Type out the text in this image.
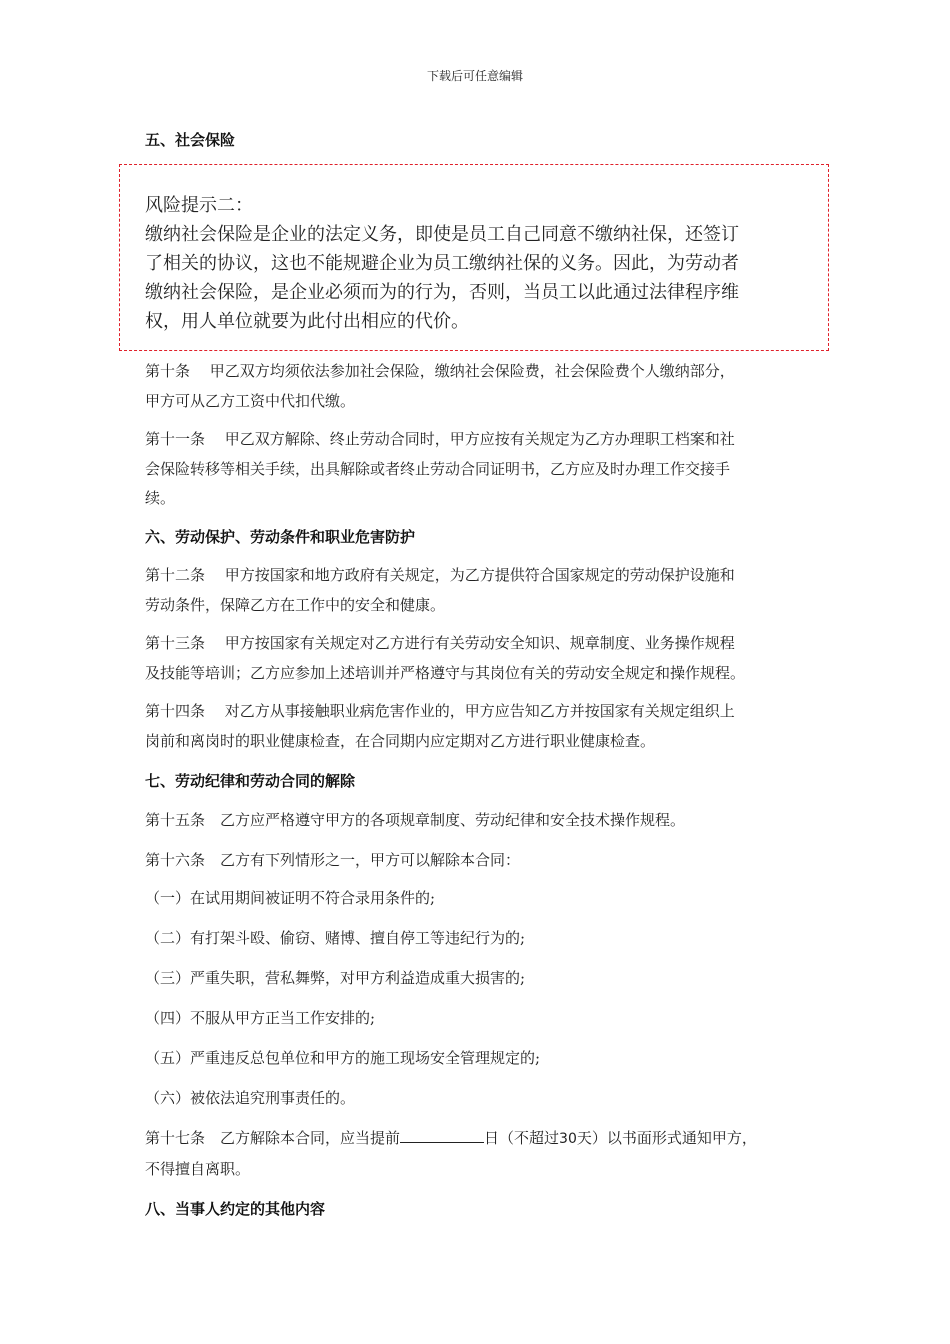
下载后可任意编辑
五、社会保险
风险提示二：
缴纳社会保险是企业的法定义务，即使是员工自己同意不缴纳社保，还签订
了相关的协议，这也不能规避企业为员工缴纳社保的义务。因此，为劳动者
缴纳社会保险，是企业必须而为的行为，否则，当员工以此通过法律程序维
权，用人单位就要为此付出相应的代价。
第十条　 甲乙双方均须依法参加社会保险，缴纳社会保险费，社会保险费个人缴纳部分，
甲方可从乙方工资中代扣代缴。
第十一条　 甲乙双方解除、终止劳动合同时，甲方应按有关规定为乙方办理职工档案和社
会保险转移等相关手续，出具解除或者终止劳动合同证明书，乙方应及时办理工作交接手
续。
六、劳动保护、劳动条件和职业危害防护
第十二条　 甲方按国家和地方政府有关规定，为乙方提供符合国家规定的劳动保护设施和
劳动条件，保障乙方在工作中的安全和健康。
第十三条　 甲方按国家有关规定对乙方进行有关劳动安全知识、规章制度、业务操作规程
及技能等培训；乙方应参加上述培训并严格遵守与其岗位有关的劳动安全规定和操作规程。
第十四条　 对乙方从事接触职业病危害作业的，甲方应告知乙方并按国家有关规定组织上
岗前和离岗时的职业健康检查，在合同期内应定期对乙方进行职业健康检查。
七、劳动纪律和劳动合同的解除
第十五条　乙方应严格遵守甲方的各项规章制度、劳动纪律和安全技术操作规程。
第十六条　乙方有下列情形之一，甲方可以解除本合同：
（一）在试用期间被证明不符合录用条件的;
（二）有打架斗殴、偷窃、赌博、擅自停工等违纪行为的;
（三）严重失职，营私舞弊，对甲方利益造成重大损害的;
（四）不服从甲方正当工作安排的;
（五）严重违反总包单位和甲方的施工现场安全管理规定的;
（六）被依法追究刑事责任的。
第十七条　乙方解除本合同，应当提前	日（不超过30天）以书面形式通知甲方，
不得擅自离职。
八、当事人约定的其他内容
